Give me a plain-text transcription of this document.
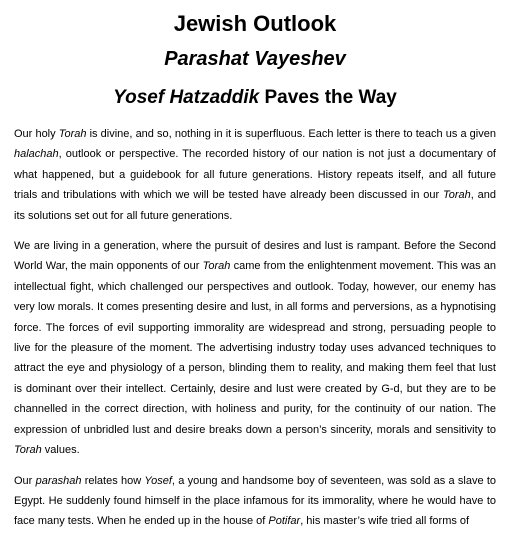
Jewish Outlook
Parashat Vayeshev
Yosef Hatzaddik Paves the Way

Our holy Torah is divine, and so, nothing in it is superfluous. Each letter is there to teach us a given halachah, outlook or perspective. The recorded history of our nation is not just a documentary of what happened, but a guidebook for all future generations. History repeats itself, and all future trials and tribulations with which we will be tested have already been discussed in our Torah, and its solutions set out for all future generations.

We are living in a generation, where the pursuit of desires and lust is rampant. Before the Second World War, the main opponents of our Torah came from the enlightenment movement. This was an intellectual fight, which challenged our perspectives and outlook. Today, however, our enemy has very low morals. It comes presenting desire and lust, in all forms and perversions, as a hypnotising force. The forces of evil supporting immorality are widespread and strong, persuading people to live for the pleasure of the moment. The advertising industry today uses advanced techniques to attract the eye and physiology of a person, blinding them to reality, and making them feel that lust is dominant over their intellect. Certainly, desire and lust were created by G-d, but they are to be channelled in the correct direction, with holiness and purity, for the continuity of our nation. The expression of unbridled lust and desire breaks down a person’s sincerity, morals and sensitivity to Torah values.

Our parashah relates how Yosef, a young and handsome boy of seventeen, was sold as a slave to Egypt. He suddenly found himself in the place infamous for its immorality, where he would have to face many tests. When he ended up in the house of Potifar, his master’s wife tried all forms of
